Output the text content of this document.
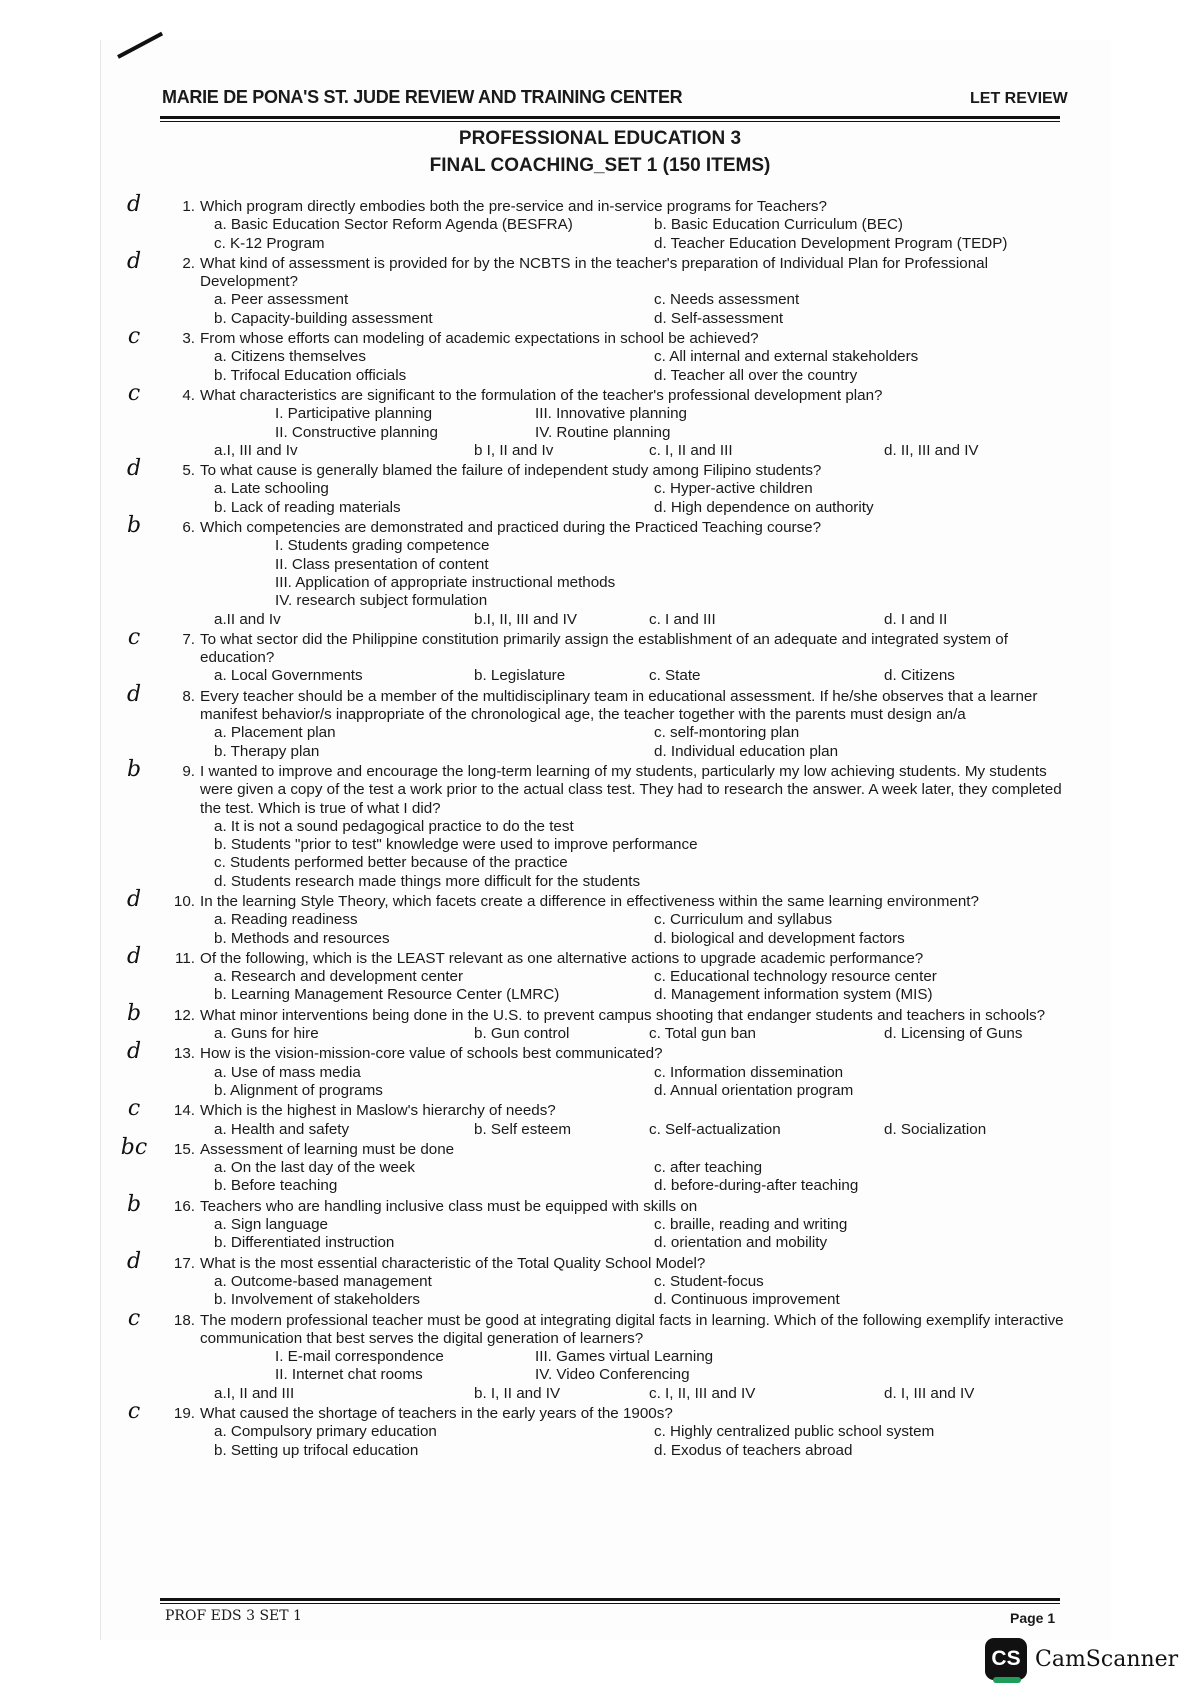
MARIE DE PONA'S ST. JUDE REVIEW AND TRAINING CENTER	LET REVIEW
PROFESSIONAL EDUCATION 3
FINAL COACHING_SET 1 (150 ITEMS)
d	1. Which program directly embodies both the pre-service and in-service programs for Teachers?
a. Basic Education Sector Reform Agenda (BESFRA)	b. Basic Education Curriculum (BEC)
c. K-12 Program	d. Teacher Education Development Program (TEDP)
d	2. What kind of assessment is provided for by the NCBTS in the teacher's preparation of Individual Plan for Professional Development?
a. Peer assessment	c. Needs assessment
b. Capacity-building assessment	d. Self-assessment
c	3. From whose efforts can modeling of academic expectations in school be achieved?
a. Citizens themselves	c. All internal and external stakeholders
b. Trifocal Education officials	d. Teacher all over the country
c	4. What characteristics are significant to the formulation of the teacher's professional development plan?
I. Participative planning	III. Innovative planning
II. Constructive planning	IV. Routine planning
a.I, III and Iv	b I, II and Iv	c. I, II and III	d. II, III and IV
d	5. To what cause is generally blamed the failure of independent study among Filipino students?
a. Late schooling	c. Hyper-active children
b. Lack of reading materials	d. High dependence on authority
b	6. Which competencies are demonstrated and practiced during the Practiced Teaching course?
I. Students grading competence
II. Class presentation of content
III. Application of appropriate instructional methods
IV. research subject formulation
a.II and Iv	b.I, II, III and IV	c. I and III	d. I and II
c	7. To what sector did the Philippine constitution primarily assign the establishment of an adequate and integrated system of education?
a. Local Governments	b. Legislature	c. State	d. Citizens
d	8. Every teacher should be a member of the multidisciplinary team in educational assessment. If he/she observes that a learner manifest behavior/s inappropriate of the chronological age, the teacher together with the parents must design an/a
a. Placement plan	c. self-montoring plan
b. Therapy plan	d. Individual education plan
b	9. I wanted to improve and encourage the long-term learning of my students, particularly my low achieving students. My students were given a copy of the test a work prior to the actual class test. They had to research the answer. A week later, they completed the test. Which is true of what I did?
a. It is not a sound pedagogical practice to do the test
b. Students "prior to test" knowledge were used to improve performance
c. Students performed better because of the practice
d. Students research made things more difficult for the students
d	10. In the learning Style Theory, which facets create a difference in effectiveness within the same learning environment?
a. Reading readiness	c. Curriculum and syllabus
b. Methods and resources	d. biological and development factors
d	11. Of the following, which is the LEAST relevant as one alternative actions to upgrade academic performance?
a. Research and development center	c. Educational technology resource center
b. Learning Management Resource Center (LMRC)	d. Management information system (MIS)
b	12. What minor interventions being done in the U.S. to prevent campus shooting that endanger students and teachers in schools?
a. Guns for hire	b. Gun control	c. Total gun ban	d. Licensing of Guns
d	13. How is the vision-mission-core value of schools best communicated?
a. Use of mass media	c. Information dissemination
b. Alignment of programs	d. Annual orientation program
c	14. Which is the highest in Maslow's hierarchy of needs?
a. Health and safety	b. Self esteem	c. Self-actualization	d. Socialization
bc	15. Assessment of learning must be done
a. On the last day of the week	c. after teaching
b. Before teaching	d. before-during-after teaching
b	16. Teachers who are handling inclusive class must be equipped with skills on
a. Sign language	c. braille, reading and writing
b. Differentiated instruction	d. orientation and mobility
d	17. What is the most essential characteristic of the Total Quality School Model?
a. Outcome-based management	c. Student-focus
b. Involvement of stakeholders	d. Continuous improvement
c	18. The modern professional teacher must be good at integrating digital facts in learning. Which of the following exemplify interactive communication that best serves the digital generation of learners?
I. E-mail correspondence	III. Games virtual Learning
II. Internet chat rooms	IV. Video Conferencing
a.I, II and III	b. I, II and IV	c. I, II, III and IV	d. I, III and IV
c	19. What caused the shortage of teachers in the early years of the 1900s?
a. Compulsory primary education	c. Highly centralized public school system
b. Setting up trifocal education	d. Exodus of teachers abroad
PROF EDS 3 SET 1	Page 1
CS CamScanner
